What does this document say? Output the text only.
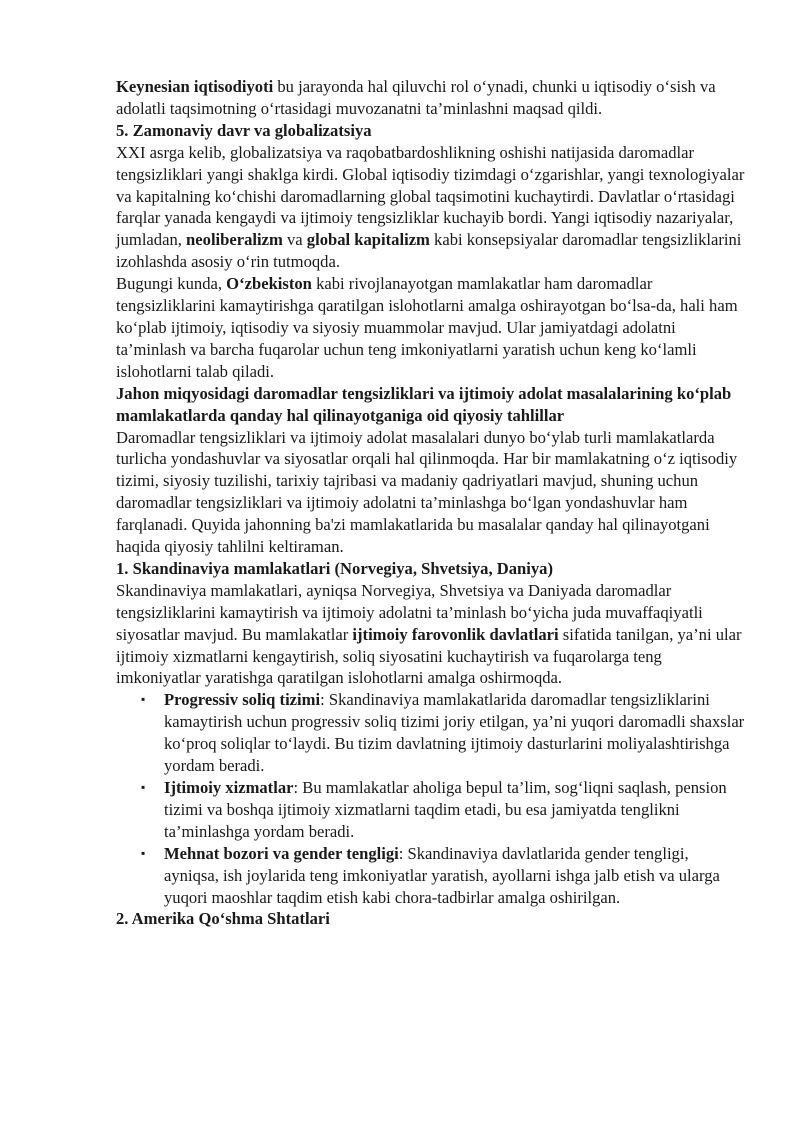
Keynesian iqtisodiyoti bu jarayonda hal qiluvchi rol o‘ynadi, chunki u iqtisodiy o‘sish va adolatli taqsimotning o‘rtasidagi muvozanatni ta’minlashni maqsad qildi.

5. Zamonaviy davr va globalizatsiya

XXI asrga kelib, globalizatsiya va raqobatbardoshlikning oshishi natijasida daromadlar tengsizliklari yangi shaklga kirdi. Global iqtisodiy tizimdagi o‘zgarishlar, yangi texnologiyalar va kapitalning ko‘chishi daromadlarning global taqsimotini kuchaytirdi. Davlatlar o‘rtasidagi farqlar yanada kengaydi va ijtimoiy tengsizliklar kuchayib bordi. Yangi iqtisodiy nazariyalar, jumladan, neoliberalizm va global kapitalizm kabi konsepsiyalar daromadlar tengsizliklarini izohlashda asosiy o‘rin tutmoqda.

Bugungi kunda, O‘zbekiston kabi rivojlanayotgan mamlakatlar ham daromadlar tengsizliklarini kamaytirishga qaratilgan islohotlarni amalga oshirayotgan bo‘lsa-da, hali ham ko‘plab ijtimoiy, iqtisodiy va siyosiy muammolar mavjud. Ular jamiyatdagi adolatni ta’minlash va barcha fuqarolar uchun teng imkoniyatlarni yaratish uchun keng ko‘lamli islohotlarni talab qiladi.

Jahon miqyosidagi daromadlar tengsizliklari va ijtimoiy adolat masalalarining ko‘plab mamlakatlarda qanday hal qilinayotganiga oid qiyosiy tahlillar

Daromadlar tengsizliklari va ijtimoiy adolat masalalari dunyo bo‘ylab turli mamlakatlarda turlicha yondashuvlar va siyosatlar orqali hal qilinmoqda. Har bir mamlakatning o‘z iqtisodiy tizimi, siyosiy tuzilishi, tarixiy tajribasi va madaniy qadriyatlari mavjud, shuning uchun daromadlar tengsizliklari va ijtimoiy adolatni ta’minlashga bo‘lgan yondashuvlar ham farqlanadi. Quyida jahonning ba'zi mamlakatlarida bu masalalar qanday hal qilinayotgani haqida qiyosiy tahlilni keltiraman.

1. Skandinaviya mamlakatlari (Norvegiya, Shvetsiya, Daniya)

Skandinaviya mamlakatlari, ayniqsa Norvegiya, Shvetsiya va Daniyada daromadlar tengsizliklarini kamaytirish va ijtimoiy adolatni ta’minlash bo‘yicha juda muvaffaqiyatli siyosatlar mavjud. Bu mamlakatlar ijtimoiy farovonlik davlatlari sifatida tanilgan, ya’ni ular ijtimoiy xizmatlarni kengaytirish, soliq siyosatini kuchaytirish va fuqarolarga teng imkoniyatlar yaratishga qaratilgan islohotlarni amalga oshirmoqda.

▪ Progressiv soliq tizimi: Skandinaviya mamlakatlarida daromadlar tengsizliklarini kamaytirish uchun progressiv soliq tizimi joriy etilgan, ya’ni yuqori daromadli shaxslar ko‘proq soliqlar to‘laydi. Bu tizim davlatning ijtimoiy dasturlarini moliyalashtirishga yordam beradi.
▪ Ijtimoiy xizmatlar: Bu mamlakatlar aholiga bepul ta’lim, sog‘liqni saqlash, pension tizimi va boshqa ijtimoiy xizmatlarni taqdim etadi, bu esa jamiyatda tenglikni ta’minlashga yordam beradi.
▪ Mehnat bozori va gender tengligi: Skandinaviya davlatlarida gender tengligi, ayniqsa, ish joylarida teng imkoniyatlar yaratish, ayollarni ishga jalb etish va ularga yuqori maoshlar taqdim etish kabi chora-tadbirlar amalga oshirilgan.
2. Amerika Qo‘shma Shtatlari
